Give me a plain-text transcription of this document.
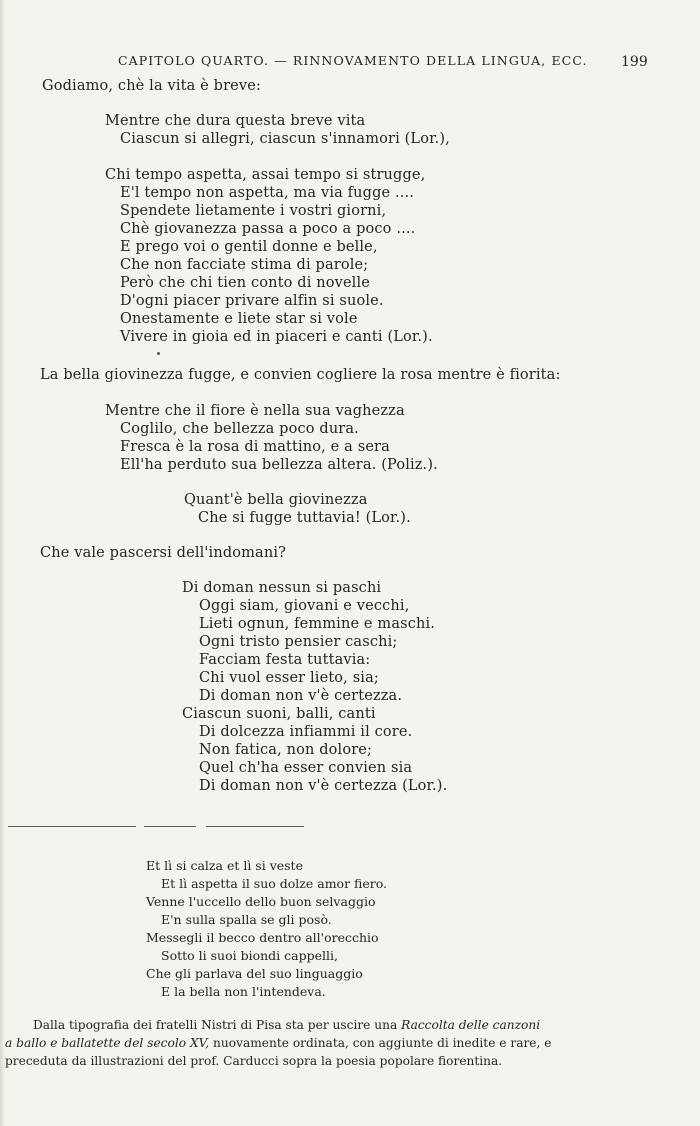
CAPITOLO QUARTO. — RINNOVAMENTO DELLA LINGUA, ECC. 199
Godiamo, chè la vita è breve:
Mentre che dura questa breve vita
Ciascun si allegri, ciascun s'innamori (Lor.),
Chi tempo aspetta, assai tempo si strugge,
E'l tempo non aspetta, ma via fugge ....
Spendete lietamente i vostri giorni,
Chè giovanezza passa a poco a poco ....
E prego voi o gentil donne e belle,
Che non facciate stima di parole;
Però che chi tien conto di novelle
D'ogni piacer privare alfin si suole.
Onestamente e liete star si vole
Vivere in gioia ed in piaceri e canti (Lor.).
La bella giovinezza fugge, e convien cogliere la rosa mentre è fiorita:
Mentre che il fiore è nella sua vaghezza
Coglilo, che bellezza poco dura.
Fresca è la rosa di mattino, e a sera
Ell'ha perduto sua bellezza altera. (Poliz.).
Quant'è bella giovinezza
Che si fugge tuttavia! (Lor.).
Che vale pascersi dell'indomani?
Di doman nessun si paschi
Oggi siam, giovani e vecchi,
Lieti ognun, femmine e maschi.
Ogni tristo pensier caschi;
Facciam festa tuttavia:
Chi vuol esser lieto, sia;
Di doman non v'è certezza.
Ciascun suoni, balli, canti
Di dolcezza infiammi il core.
Non fatica, non dolore;
Quel ch'ha esser convien sia
Di doman non v'è certezza (Lor.).
Et lì si calza et lì si veste
Et lì aspetta il suo dolze amor fiero.
Venne l'uccello dello buon selvaggio
E'n sulla spalla se gli posò.
Messegli il becco dentro all'orecchio
Sotto li suoi biondi cappelli,
Che gli parlava del suo linguaggio
E la bella non l'intendeva.
Dalla tipografia dei fratelli Nistri di Pisa sta per uscire una Raccolta delle canzoni
a ballo e ballatette del secolo XV, nuovamente ordinata, con aggiunte di inedite e rare, e
preceduta da illustrazioni del prof. Carducci sopra la poesia popolare fiorentina.
